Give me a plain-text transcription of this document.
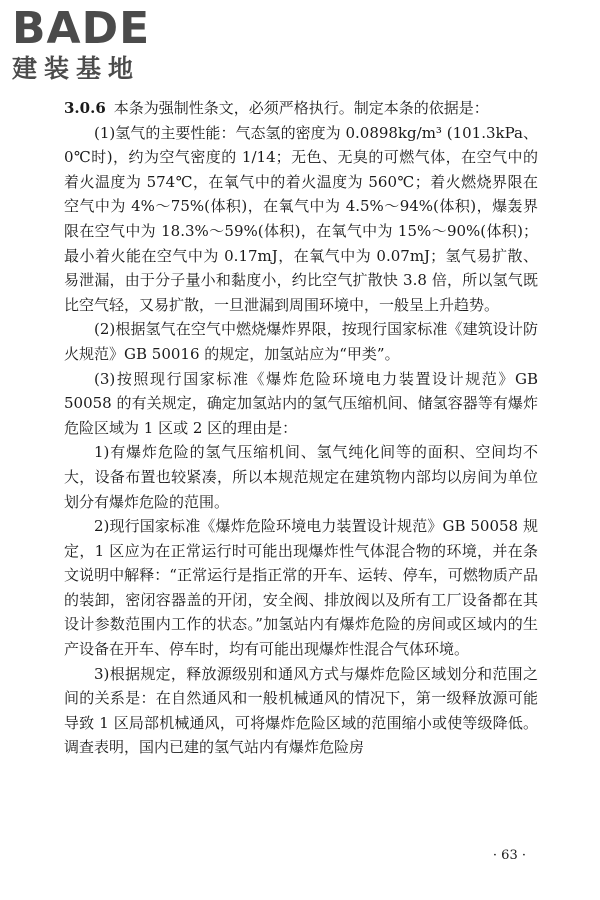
BADE
建装基地

3.0.6 本条为强制性条文，必须严格执行。制定本条的依据是：

(1)氢气的主要性能：气态氢的密度为 0.0898kg/m³ (101.3kPa、0℃时)，约为空气密度的 1/14；无色、无臭的可燃气体，在空气中的着火温度为 574℃，在氧气中的着火温度为 560℃；着火燃烧界限在空气中为 4%～75%(体积)，在氧气中为 4.5%～94%(体积)，爆轰界限在空气中为 18.3%～59%(体积)，在氧气中为 15%～90%(体积)；最小着火能在空气中为 0.17mJ，在氧气中为 0.07mJ；氢气易扩散、易泄漏，由于分子量小和黏度小，约比空气扩散快 3.8 倍，所以氢气既比空气轻，又易扩散，一旦泄漏到周围环境中，一般呈上升趋势。

(2)根据氢气在空气中燃烧爆炸界限，按现行国家标准《建筑设计防火规范》GB 50016 的规定，加氢站应为“甲类”。

(3)按照现行国家标准《爆炸危险环境电力装置设计规范》GB 50058 的有关规定，确定加氢站内的氢气压缩机间、储氢容器等有爆炸危险区域为 1 区或 2 区的理由是：

1)有爆炸危险的氢气压缩机间、氢气纯化间等的面积、空间均不大，设备布置也较紧凑，所以本规范规定在建筑物内部均以房间为单位划分有爆炸危险的范围。

2)现行国家标准《爆炸危险环境电力装置设计规范》GB 50058 规定，1 区应为在正常运行时可能出现爆炸性气体混合物的环境，并在条文说明中解释：“正常运行是指正常的开车、运转、停车，可燃物质产品的装卸，密闭容器盖的开闭，安全阀、排放阀以及所有工厂设备都在其设计参数范围内工作的状态。”加氢站内有爆炸危险的房间或区域内的生产设备在开车、停车时，均有可能出现爆炸性混合气体环境。

3)根据规定，释放源级别和通风方式与爆炸危险区域划分和范围之间的关系是：在自然通风和一般机械通风的情况下，第一级释放源可能导致 1 区局部机械通风，可将爆炸危险区域的范围缩小或使等级降低。调查表明，国内已建的氢气站内有爆炸危险房

· 63 ·
